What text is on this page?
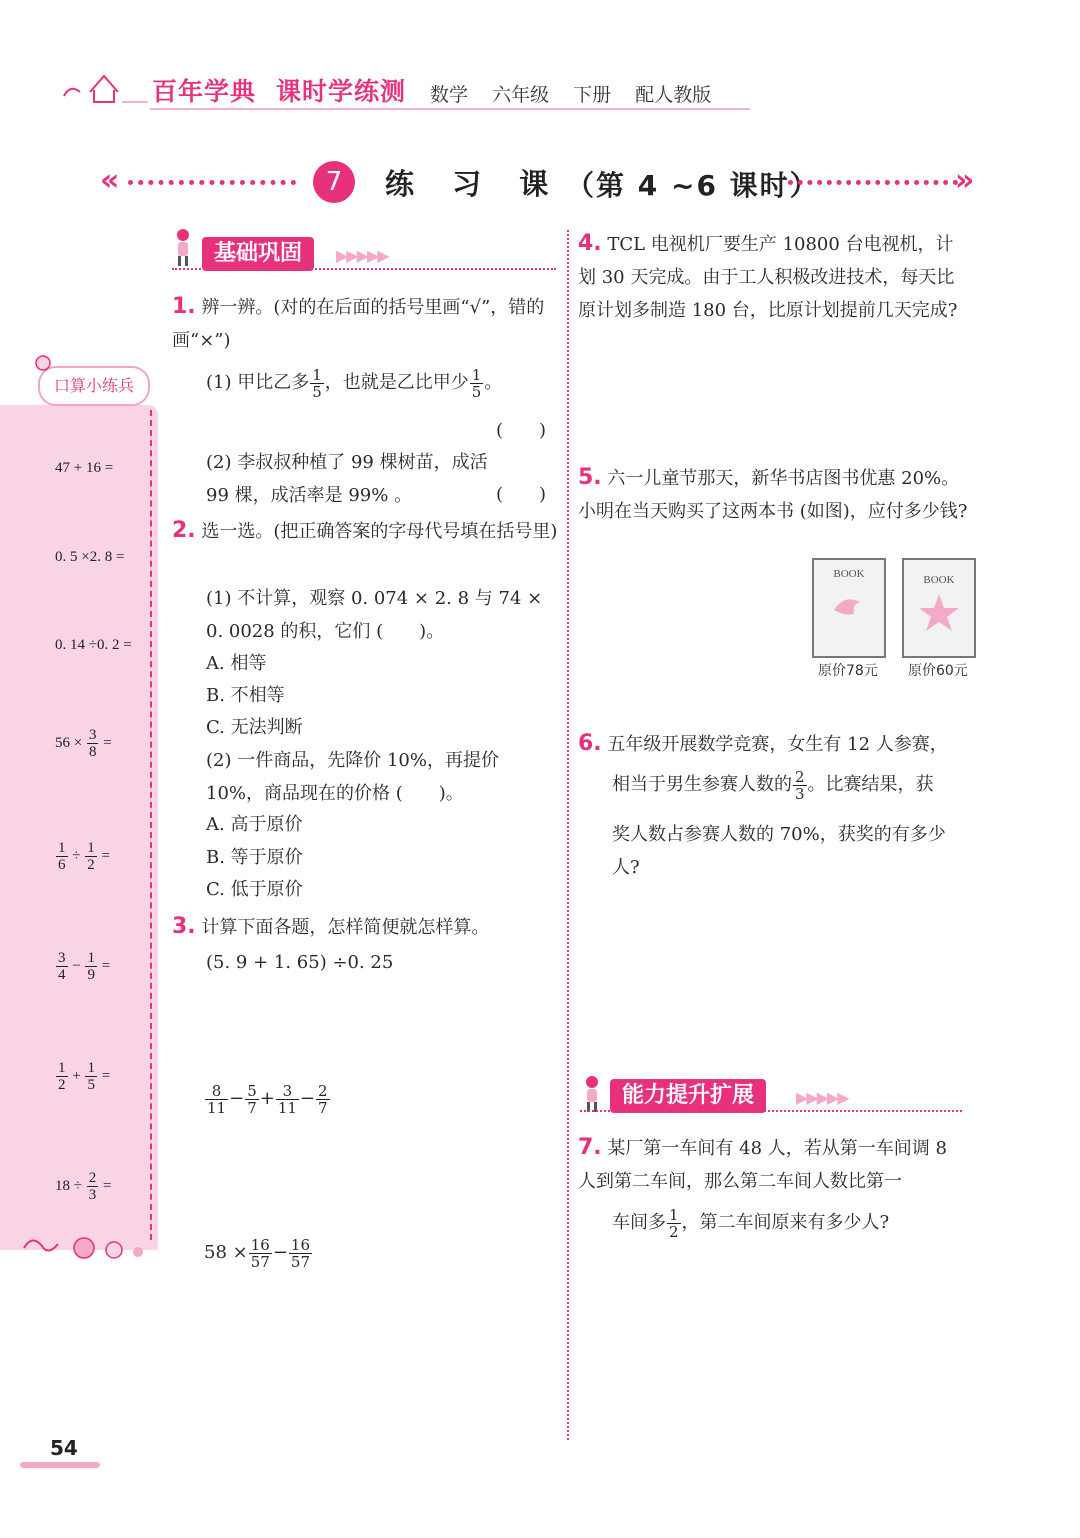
百年学典 课时学练测 数学 六年级 下册 配人教版
«	7	练 习 课 （第 4 ~6 课时）	»
口算小练兵
47 + 16 =
0. 5 ×2. 8 =
0. 14 ÷0. 2 =
$56 \times \frac{3}{8}$ =
$\frac{1}{6} \div \frac{1}{2}$ =
$\frac{3}{4} - \frac{1}{9}$ =
$\frac{1}{2} + \frac{1}{5}$ =
$18 \div \frac{2}{3}$ =
基础巩固	▶▶▶▶▶
1. 辨一辨。(对的在后面的括号里画“√”，错的画“×”)
(1) 甲比乙多 $\frac{1}{5}$ ，也就是乙比甲少 $\frac{1}{5}$ 。
(　　)
(2) 李叔叔种植了 99 棵树苗，成活 99 棵，成活率是 99% 。	(　　)
2. 选一选。(把正确答案的字母代号填在括号里)
(1) 不计算，观察 0. 074 × 2. 8 与 74 × 0. 0028 的积，它们 (　　)。
A. 相等
B. 不相等
C. 无法判断
(2) 一件商品，先降价 10%，再提价 10%，商品现在的价格 (　　)。
A. 高于原价
B. 等于原价
C. 低于原价
3. 计算下面各题，怎样简便就怎样算。
(5. 9 + 1. 65) ÷0. 25
$\frac{8}{11} - \frac{5}{7} + \frac{3}{11} - \frac{2}{7}$
$58 \times \frac{16}{57} - \frac{16}{57}$
4. TCL 电视机厂要生产 10800 台电视机，计划 30 天完成。由于工人积极改进技术，每天比原计划多制造 180 台，比原计划提前几天完成?
5. 六一儿童节那天，新华书店图书优惠 20%。小明在当天购买了这两本书 (如图)，应付多少钱?
BOOK	BOOK
原价78元 原价60元
6. 五年级开展数学竞赛，女生有 12 人参赛，
相当于男生参赛人数的 $\frac{2}{3}$ 。比赛结果，获
奖人数占参赛人数的 70%，获奖的有多少人?
能力提升扩展	▶▶▶▶▶
7. 某厂第一车间有 48 人，若从第一车间调 8 人到第二车间，那么第二车间人数比第一
车间多 $\frac{1}{2}$ ，第二车间原来有多少人?
54
